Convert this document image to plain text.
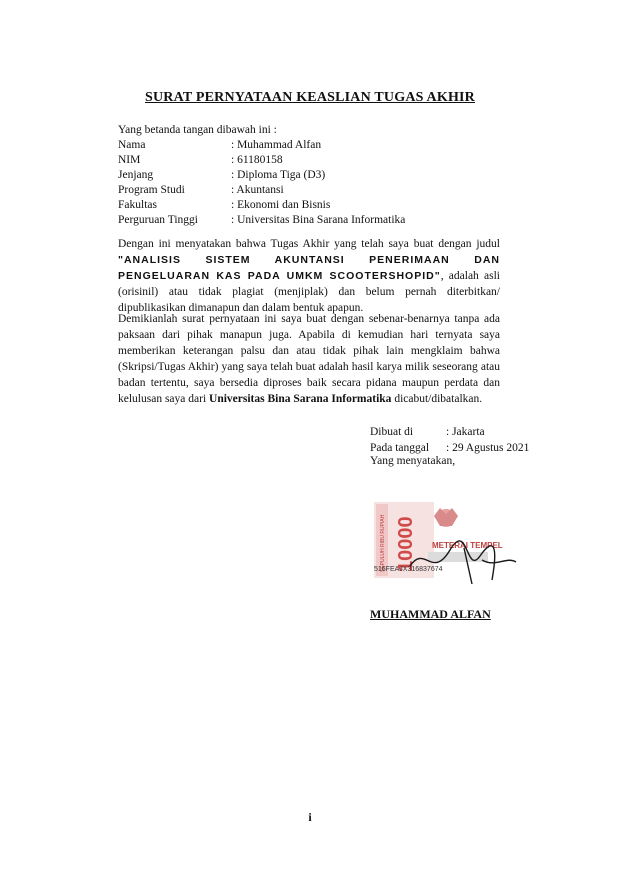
SURAT PERNYATAAN KEASLIAN TUGAS AKHIR
Yang betanda tangan dibawah ini :
Nama	: Muhammad Alfan
NIM	: 61180158
Jenjang	: Diploma Tiga (D3)
Program Studi	: Akuntansi
Fakultas	: Ekonomi dan Bisnis
Perguruan Tinggi	: Universitas Bina Sarana Informatika

Dengan ini menyatakan bahwa Tugas Akhir yang telah saya buat dengan judul "ANALISIS SISTEM AKUNTANSI PENERIMAAN DAN PENGELUARAN KAS PADA UMKM SCOOTERSHOPID", adalah asli (orisinil) atau tidak plagiat (menjiplak) dan belum pernah diterbitkan/ dipublikasikan dimanapun dan dalam bentuk apapun.

Demikianlah surat pernyataan ini saya buat dengan sebenar-benarnya tanpa ada paksaan dari pihak manapun juga. Apabila di kemudian hari ternyata saya memberikan keterangan palsu dan atau tidak pihak lain mengklaim bahwa (Skripsi/Tugas Akhir) yang saya telah buat adalah hasil karya milik seseorang atau badan tertentu, saya bersedia diproses baik secara pidana maupun perdata dan kelulusan saya dari Universitas Bina Sarana Informatika dicabut/dibatalkan.

Dibuat di	: Jakarta
Pada tanggal	: 29 Agustus 2021
Yang menyatakan,
SEPULUH RIBU RUPIAH 10000 METERAI TEMPEL
516FEAJX316837674
MUHAMMAD ALFAN
i
